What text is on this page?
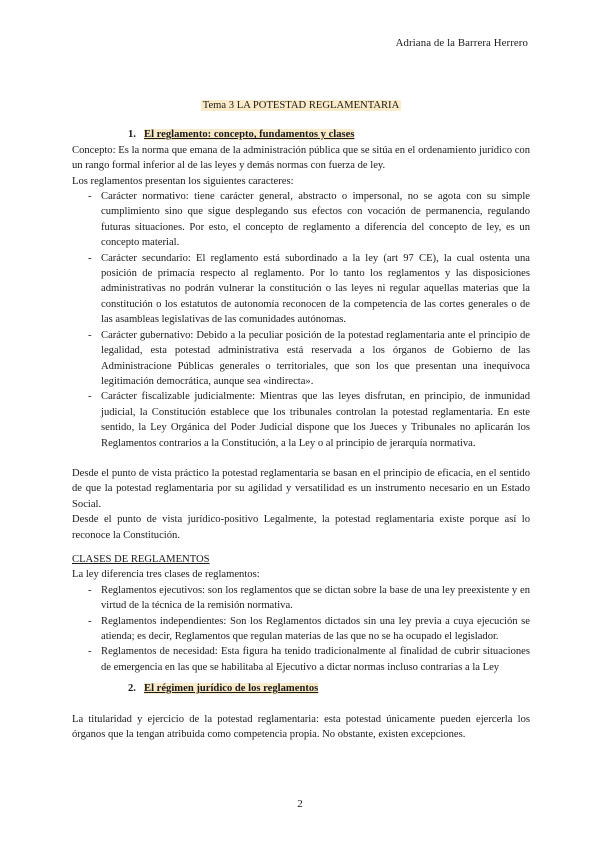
Adriana de la Barrera Herrero
Tema 3 LA POTESTAD REGLAMENTARIA
1. El reglamento: concepto, fundamentos y clases

Concepto: Es la norma que emana de la administración pública que se sitúa en el ordenamiento jurídico con un rango formal inferior al de las leyes y demás normas con fuerza de ley.

Los reglamentos presentan los siguientes caracteres:

- Carácter normativo: tiene carácter general, abstracto o impersonal, no se agota con su simple cumplimiento sino que sigue desplegando sus efectos con vocación de permanencia, regulando futuras situaciones. Por esto, el concepto de reglamento a diferencia del concepto de ley, es un concepto material.
- Carácter secundario: El reglamento está subordinado a la ley (art 97 CE), la cual ostenta una posición de primacía respecto al reglamento. Por lo tanto los reglamentos y las disposiciones administrativas no podrán vulnerar la constitución o las leyes ni regular aquellas materias que la constitución o los estatutos de autonomía reconocen de la competencia de las cortes generales o de las asambleas legislativas de las comunidades autónomas.
- Carácter gubernativo: Debido a la peculiar posición de la potestad reglamentaria ante el principio de legalidad, esta potestad administrativa está reservada a los órganos de Gobierno de las Administracione Públicas generales o territoriales, que son los que presentan una inequívoca legitimación democrática, aunque sea «indirecta».
- Carácter fiscalizable judicialmente: Mientras que las leyes disfrutan, en principio, de inmunidad judicial, la Constitución establece que los tribunales controlan la potestad reglamentaria. En este sentido, la Ley Orgánica del Poder Judicial dispone que los Jueces y Tribunales no aplicarán los Reglamentos contrarios a la Constitución, a la Ley o al principio de jerarquía normativa.

Desde el punto de vista práctico la potestad reglamentaria se basan en el principio de eficacia, en el sentido de que la potestad reglamentaria por su agilidad y versatilidad es un instrumento necesario en un Estado Social.

Desde el punto de vista jurídico-positivo Legalmente, la potestad reglamentaria existe porque así lo reconoce la Constitución.

CLASES DE REGLAMENTOS

La ley diferencia tres clases de reglamentos:

- Reglamentos ejecutivos: son los reglamentos que se dictan sobre la base de una ley preexistente y en virtud de la técnica de la remisión normativa.
- Reglamentos independientes: Son los Reglamentos dictados sin una ley previa a cuya ejecución se atienda; es decir, Reglamentos que regulan materias de las que no se ha ocupado el legislador.
- Reglamentos de necesidad: Esta figura ha tenido tradicionalmente al finalidad de cubrir situaciones de emergencia en las que se habilitaba al Ejecutivo a dictar normas incluso contrarias a la Ley
2. El régimen jurídico de los reglamentos

La titularidad y ejercicio de la potestad reglamentaria: esta potestad únicamente pueden ejercerla los órganos que la tengan atribuida como competencia propia. No obstante, existen excepciones.

2
